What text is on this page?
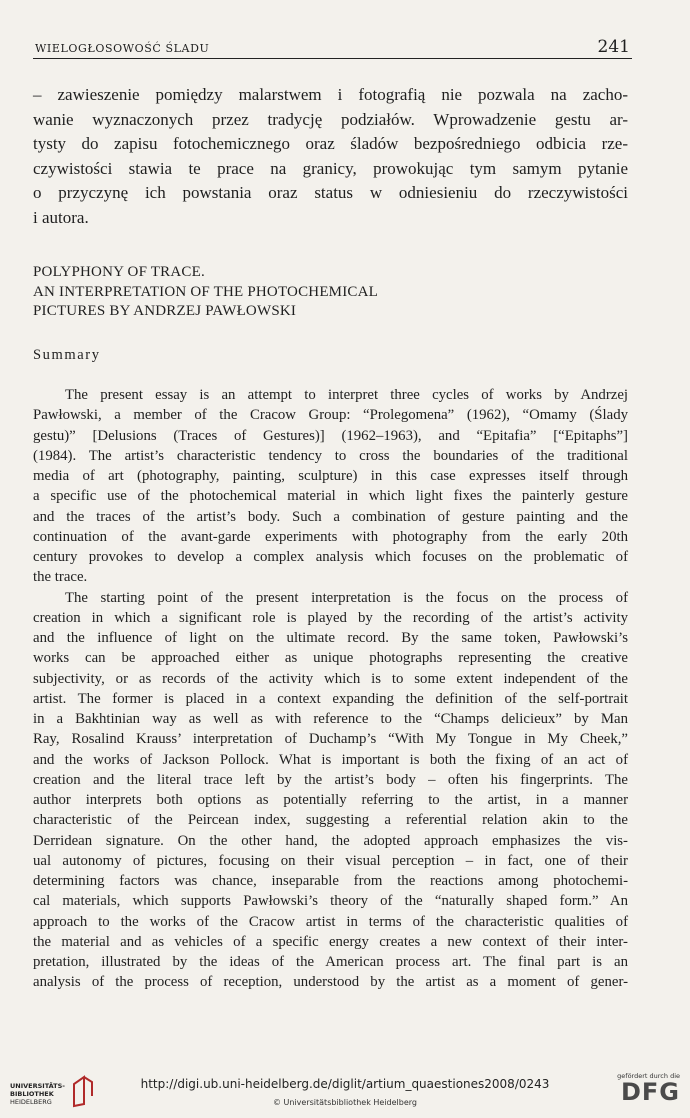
WIELOGŁOSOWOŚĆ ŚLADU	241
– zawieszenie pomiędzy malarstwem i fotografią nie pozwala na zacho-
wanie wyznaczonych przez tradycję podziałów. Wprowadzenie gestu ar-
tysty do zapisu fotochemicznego oraz śladów bezpośredniego odbicia rze-
czywistości stawia te prace na granicy, prowokując tym samym pytanie
o przyczynę ich powstania oraz status w odniesieniu do rzeczywistości
i autora.
POLYPHONY OF TRACE.
AN INTERPRETATION OF THE PHOTOCHEMICAL
PICTURES BY ANDRZEJ PAWŁOWSKI
Summary
The present essay is an attempt to interpret three cycles of works by Andrzej
Pawłowski, a member of the Cracow Group: “Prolegomena” (1962), “Omamy (Ślady
gestu)” [Delusions (Traces of Gestures)] (1962–1963), and “Epitafia” [“Epitaphs”]
(1984). The artist’s characteristic tendency to cross the boundaries of the traditional
media of art (photography, painting, sculpture) in this case expresses itself through
a specific use of the photochemical material in which light fixes the painterly gesture
and the traces of the artist’s body. Such a combination of gesture painting and the
continuation of the avant-garde experiments with photography from the early 20th
century provokes to develop a complex analysis which focuses on the problematic of
the trace.
The starting point of the present interpretation is the focus on the process of
creation in which a significant role is played by the recording of the artist’s activity
and the influence of light on the ultimate record. By the same token, Pawłowski’s
works can be approached either as unique photographs representing the creative
subjectivity, or as records of the activity which is to some extent independent of the
artist. The former is placed in a context expanding the definition of the self-portrait
in a Bakhtinian way as well as with reference to the “Champs delicieux” by Man
Ray, Rosalind Krauss’ interpretation of Duchamp’s “With My Tongue in My Cheek,”
and the works of Jackson Pollock. What is important is both the fixing of an act of
creation and the literal trace left by the artist’s body – often his fingerprints. The
author interprets both options as potentially referring to the artist, in a manner
characteristic of the Peircean index, suggesting a referential relation akin to the
Derridean signature. On the other hand, the adopted approach emphasizes the vis-
ual autonomy of pictures, focusing on their visual perception – in fact, one of their
determining factors was chance, inseparable from the reactions among photochemi-
cal materials, which supports Pawłowski’s theory of the “naturally shaped form.” An
approach to the works of the Cracow artist in terms of the characteristic qualities of
the material and as vehicles of a specific energy creates a new context of their inter-
pretation, illustrated by the ideas of the American process art. The final part is an
analysis of the process of reception, understood by the artist as a moment of gener-
UNIVERSITÄTS-
BIBLIOTHEK
HEIDELBERG
http://digi.ub.uni-heidelberg.de/diglit/artium_quaestiones2008/0243
© Universitätsbibliothek Heidelberg
gefördert durch die
DFG
